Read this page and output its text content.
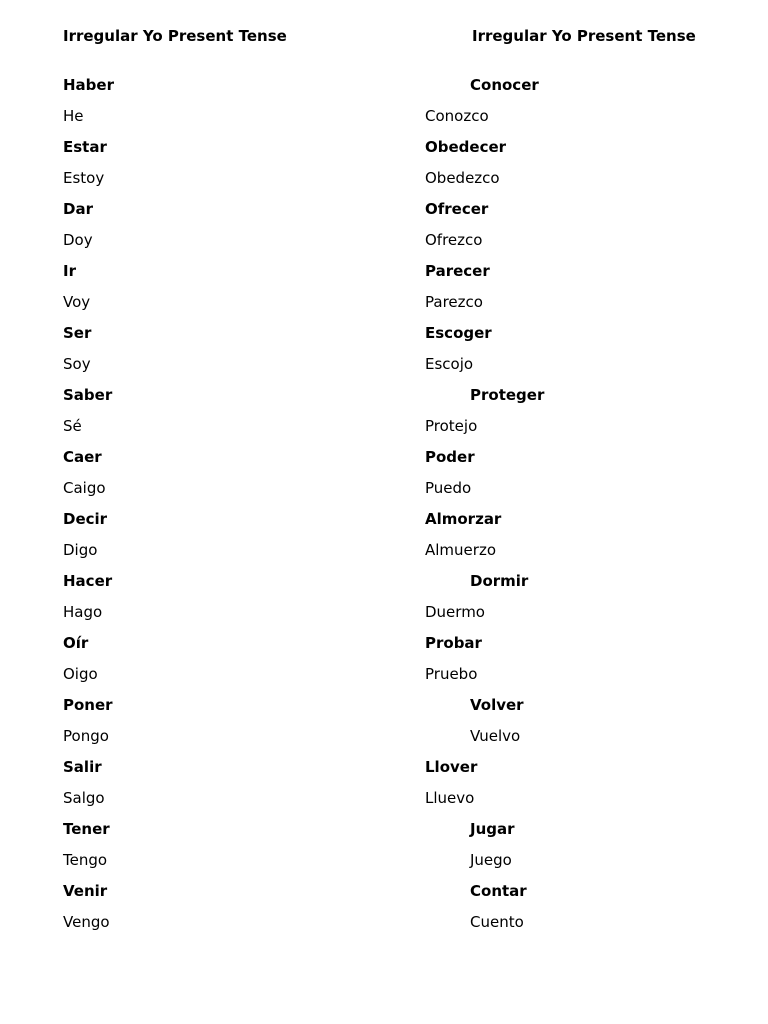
Irregular Yo Present Tense	Irregular Yo Present Tense
Haber
He
Estar
Estoy
Dar
Doy
Ir
Voy
Ser
Soy
Saber
Sé
Caer
Caigo
Decir
Digo
Hacer
Hago
Oír
Oigo
Poner
Pongo
Salir
Salgo
Tener
Tengo
Venir
Vengo
Conocer
Conozco
Obedecer
Obedezco
Ofrecer
Ofrezco
Parecer
Parezco
Escoger
Escojo
Proteger
Protejo
Poder
Puedo
Almorzar
Almuerzo
Dormir
Duermo
Probar
Pruebo
Volver
Vuelvo
Llover
Lluevo
Jugar
Juego
Contar
Cuento
